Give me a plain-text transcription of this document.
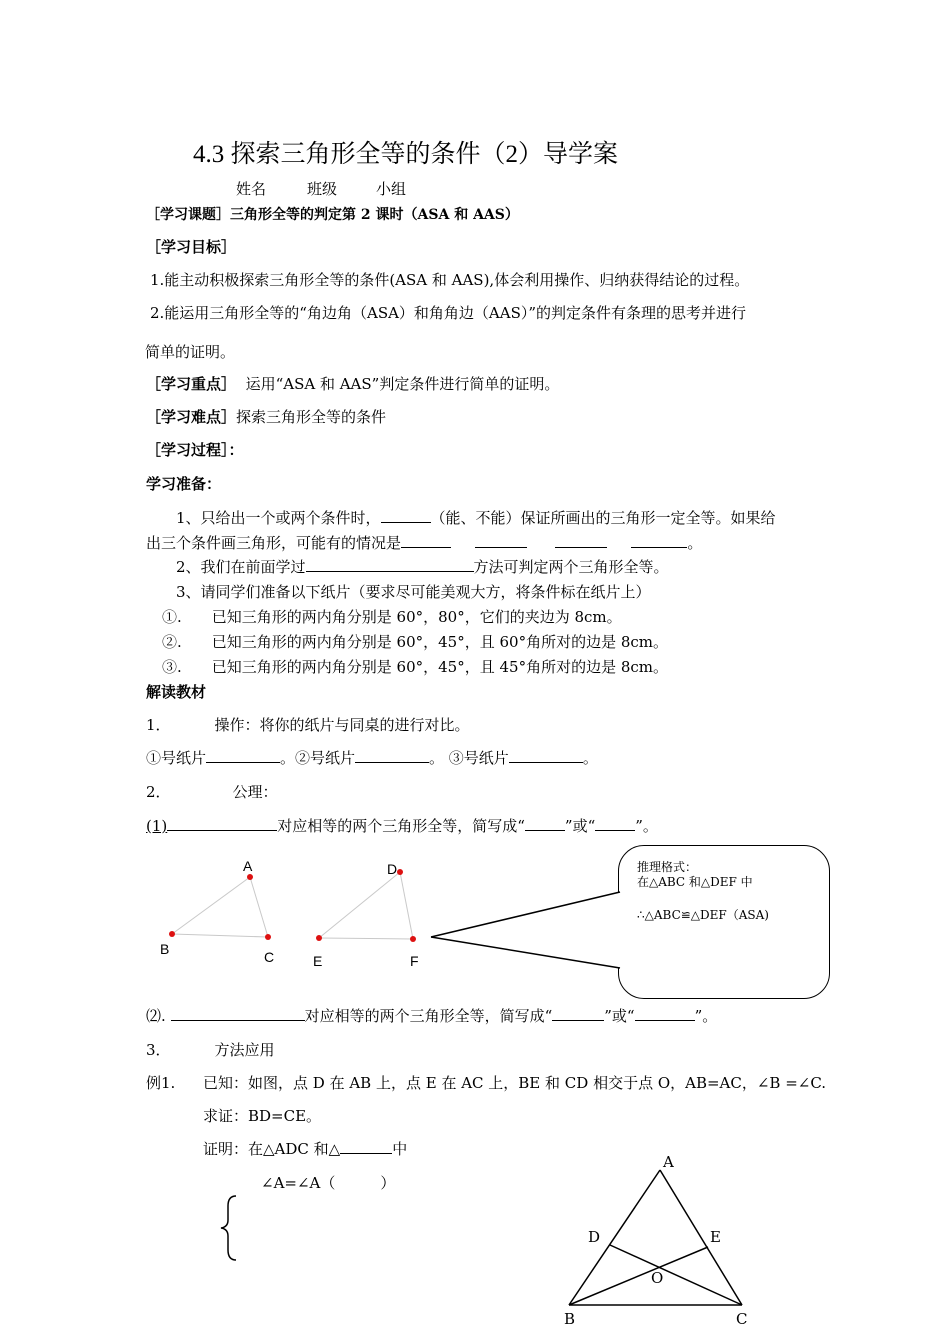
4.3 探索三角形全等的条件（2）导学案
姓名	班级	小组
［学习课题］三角形全等的判定第 2 课时（ASA 和 AAS）
［学习目标］
1.能主动积极探索三角形全等的条件(ASA 和 AAS),体会利用操作、归纳获得结论的过程。
2.能运用三角形全等的“角边角（ASA）和角角边（AAS）”的判定条件有条理的思考并进行
简单的证明。
［学习重点］ 运用“ASA 和 AAS”判定条件进行简单的证明。
［学习难点］探索三角形全等的条件
［学习过程］：
学习准备：
1、只给出一个或两个条件时，	（能、不能）保证所画出的三角形一定全等。如果给
出三个条件画三角形，可能有的情况是	。
2、我们在前面学过	方法可判定两个三角形全等。
3、请同学们准备以下纸片（要求尽可能美观大方，将条件标在纸片上）
①.　　已知三角形的两内角分别是 60°，80°，它们的夹边为 8cm。
②.　　已知三角形的两内角分别是 60°，45°，且 60°角所对的边是 8cm。
③.　　已知三角形的两内角分别是 60°，45°，且 45°角所对的边是 8cm。
解读教材
1．	操作：将你的纸片与同桌的进行对比。
①号纸片	。②号纸片	。 ③号纸片	。
2．	公理：
(1)	对应相等的两个三角形全等，简写成“	”或“	”。
A
B	C
D
E	F
推理格式：
在△ABC 和△DEF 中
∴△ABC≌△DEF（ASA)
⑵.	对应相等的两个三角形全等，简写成“	”或“	”。
3．	方法应用
例1. 已知：如图，点 D 在 AB 上，点 E 在 AC 上，BE 和 CD 相交于点 O，AB=AC，∠B =∠C.
求证：BD=CE。
证明：在△ADC 和△	中
∠A=∠A（　　　）
A
D	E
O
B	C
